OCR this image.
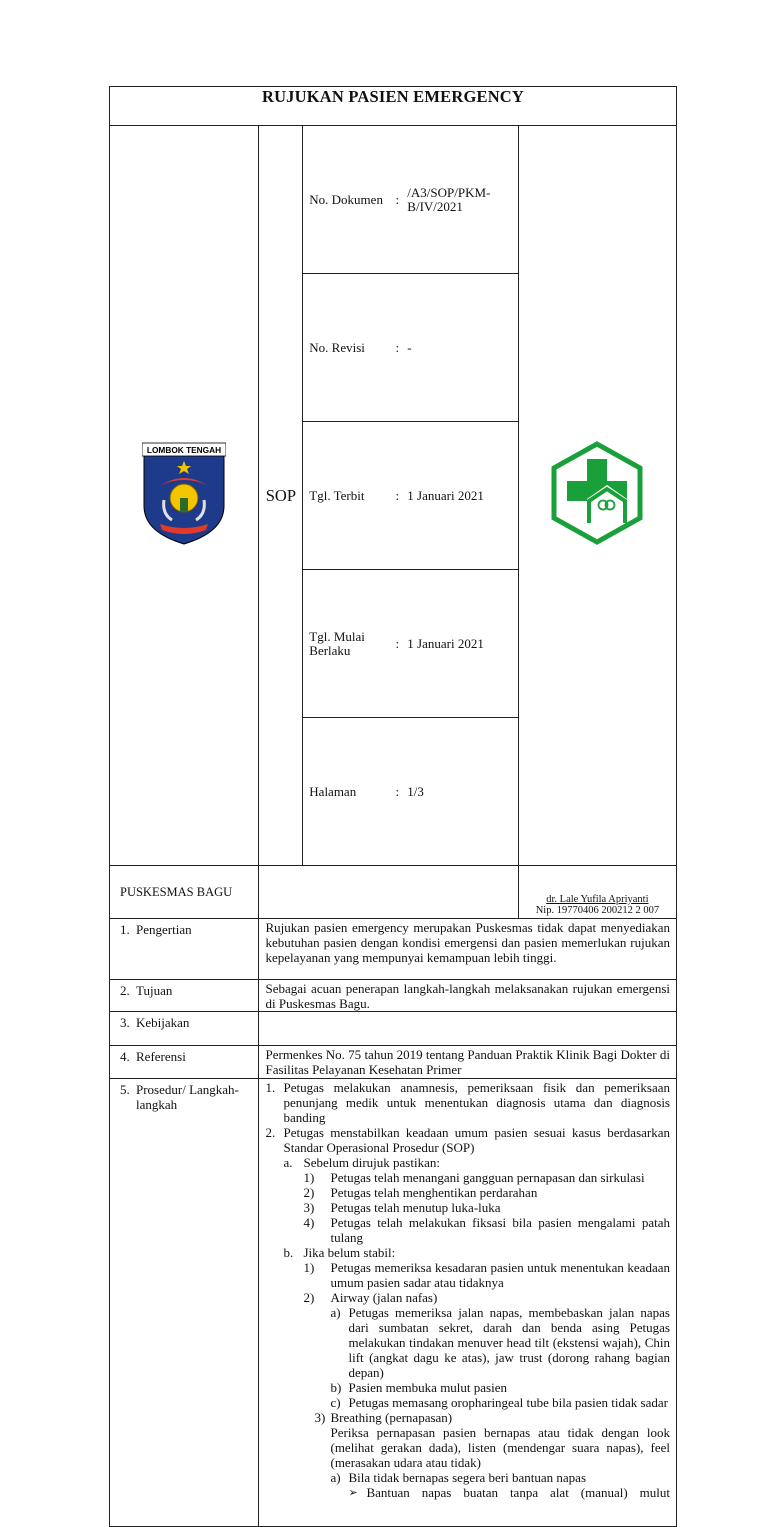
RUJUKAN PASIEN EMERGENCY

LOMBOK TENGAH
	SOP	
No. Dokumen	:	/A3/SOP/PKM-B/IV/2021
No. Revisi	:	-
Tgl. Terbit	:	1 Januari 2021
Tgl. Mulai Berlaku	:	1 Januari 2021
Halaman	:	1/3

PUSKESMAS BAGU		
dr. Lale Yufila Apriyanti
Nip. 19770406 200212 2 007

1. Pengertian	Rujukan pasien emergency merupakan Puskesmas tidak dapat menyediakan kebutuhan pasien dengan kondisi emergensi dan pasien memerlukan rujukan kepelayanan yang mempunyai kemampuan lebih tinggi.
2. Tujuan	Sebagai acuan penerapan langkah-langkah melaksanakan rujukan emergensi di Puskesmas Bagu.
3. Kebijakan	
4. Referensi	Permenkes No. 75 tahun 2019 tentang Panduan Praktik Klinik Bagi Dokter di Fasilitas Pelayanan Kesehatan Primer
5. Prosedur/ Langkah-langkah	
1. Petugas melakukan anamnesis, pemeriksaan fisik dan pemeriksaan penunjang medik untuk menentukan diagnosis utama dan diagnosis banding
2. Petugas menstabilkan keadaan umum pasien sesuai kasus berdasarkan Standar Operasional Prosedur (SOP)
a. Sebelum dirujuk pastikan:
1)	Petugas telah menangani gangguan pernapasan dan sirkulasi
2)	Petugas telah menghentikan perdarahan
3)	Petugas telah menutup luka-luka
4)	Petugas telah melakukan fiksasi bila pasien mengalami patah tulang
b. Jika belum stabil:
1)	Petugas memeriksa kesadaran pasien untuk menentukan keadaan umum pasien sadar atau tidaknya
2)	Airway (jalan nafas)
a) Petugas memeriksa jalan napas, membebaskan jalan napas dari sumbatan sekret, darah dan benda asing Petugas melakukan tindakan menuver head tilt (ekstensi wajah), Chin lift (angkat dagu ke atas), jaw trust (dorong rahang bagian depan)
b) Pasien membuka mulut pasien
c) Petugas memasang oropharingeal tube bila pasien tidak sadar
3) Breathing (pernapasan)
Periksa pernapasan pasien bernapas atau tidak dengan look (melihat gerakan dada), listen (mendengar suara napas), feel (merasakan udara atau tidak)
a) Bila tidak bernapas segera beri bantuan napas
➢ Bantuan napas buatan tanpa alat (manual) mulut
